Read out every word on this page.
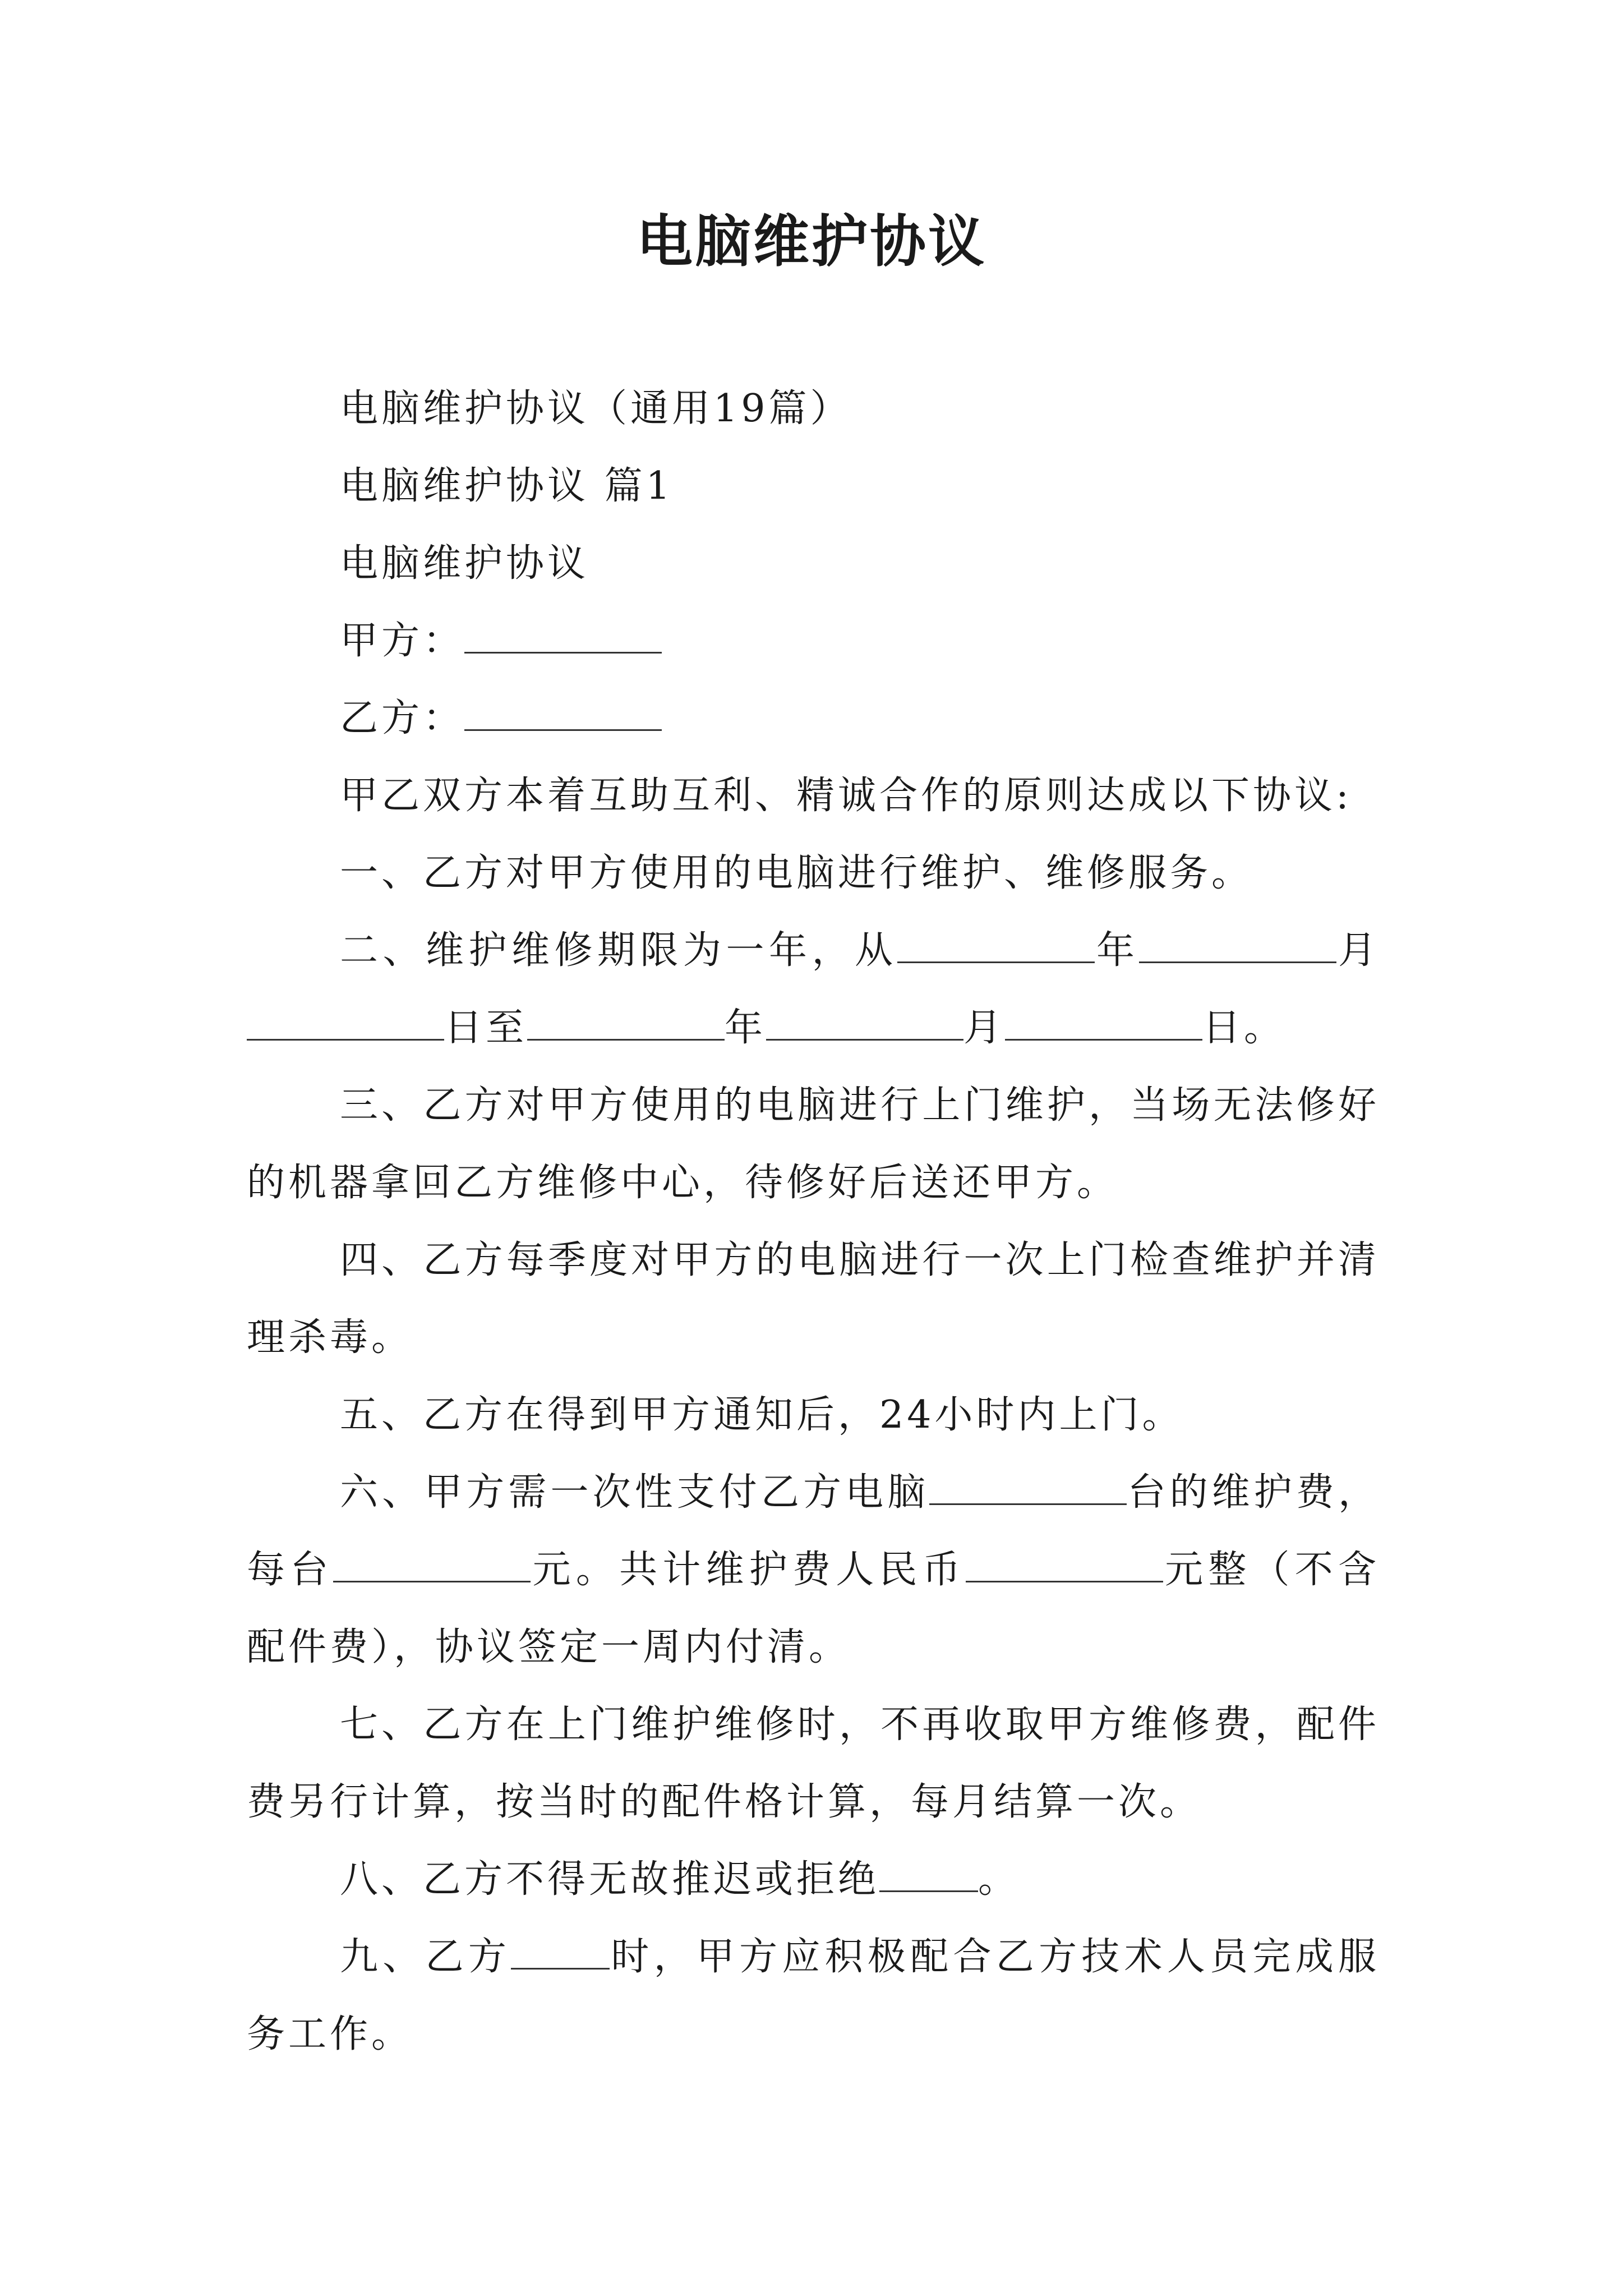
电脑维护协议

电脑维护协议（通用19篇）

电脑维护协议 篇1

电脑维护协议

甲方：

乙方：

甲乙双方本着互助互利、精诚合作的原则达成以下协议:

一、乙方对甲方使用的电脑进行维护、维修服务。

二、维护维修期限为一年，从	年	月日至	年	月	日。

三、乙方对甲方使用的电脑进行上门维护，当场无法修好的机器拿回乙方维修中心，待修好后送还甲方。

四、乙方每季度对甲方的电脑进行一次上门检查维护并清理杀毒。

五、乙方在得到甲方通知后，24小时内上门。

六、甲方需一次性支付乙方电脑	台的维护费，每台	元。共计维护费人民币	元整（不含配件费），协议签定一周内付清。

七、乙方在上门维护维修时，不再收取甲方维修费，配件费另行计算，按当时的配件格计算，每月结算一次。

八、乙方不得无故推迟或拒绝	。

九、乙方	时，甲方应积极配合乙方技术人员完成服务工作。
